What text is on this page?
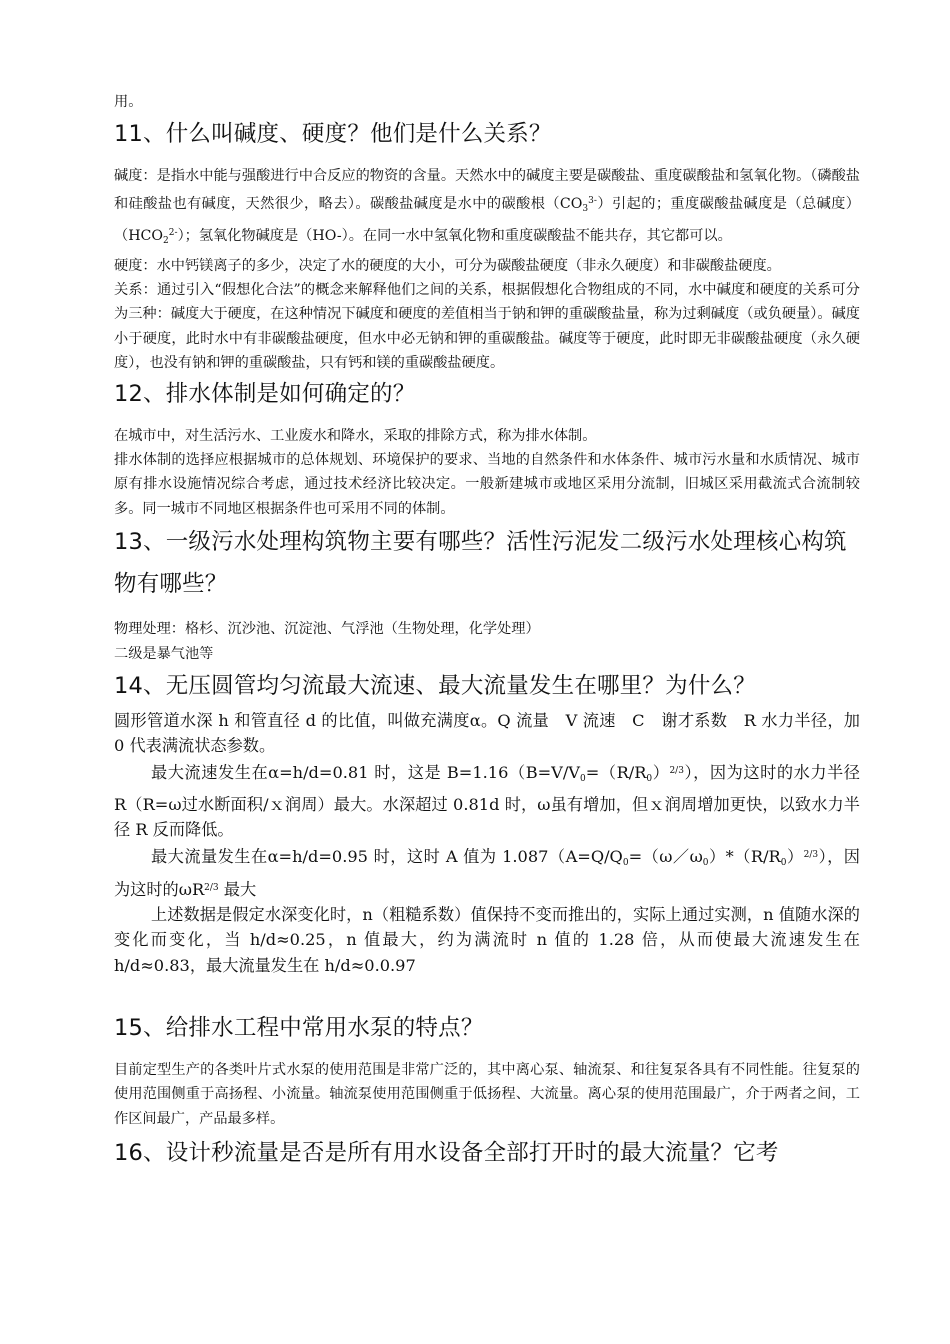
用。

11、什么叫碱度、硬度？他们是什么关系？

碱度：是指水中能与强酸进行中合反应的物资的含量。天然水中的碱度主要是碳酸盐、重度碳酸盐和氢氧化物。（磷酸盐和硅酸盐也有碱度，天然很少，略去）。碳酸盐碱度是水中的碳酸根$(CO_3^{3-})$引起的；重度碳酸盐碱度是（总碱度）$(HCO_2^{2-})$；氢氧化物碱度是（HO-）。在同一水中氢氧化物和重度碳酸盐不能共存，其它都可以。

硬度：水中钙镁离子的多少，决定了水的硬度的大小，可分为碳酸盐硬度（非永久硬度）和非碳酸盐硬度。

关系：通过引入“假想化合法”的概念来解释他们之间的关系，根据假想化合物组成的不同，水中碱度和硬度的关系可分为三种：碱度大于硬度，在这种情况下碱度和硬度的差值相当于钠和钾的重碳酸盐量，称为过剩碱度（或负硬量）。碱度小于硬度，此时水中有非碳酸盐硬度，但水中必无钠和钾的重碳酸盐。碱度等于硬度，此时即无非碳酸盐硬度（永久硬度），也没有钠和钾的重碳酸盐，只有钙和镁的重碳酸盐硬度。

12、排水体制是如何确定的？

在城市中，对生活污水、工业废水和降水，采取的排除方式，称为排水体制。

排水体制的选择应根据城市的总体规划、环境保护的要求、当地的自然条件和水体条件、城市污水量和水质情况、城市原有排水设施情况综合考虑，通过技术经济比较决定。一般新建城市或地区采用分流制，旧城区采用截流式合流制较多。同一城市不同地区根据条件也可采用不同的体制。

13、一级污水处理构筑物主要有哪些？活性污泥发二级污水处理核心构筑物有哪些？

物理处理：格杉、沉沙池、沉淀池、气浮池（生物处理，化学处理）

二级是暴气池等

14、无压圆管均匀流最大流速、最大流量发生在哪里？为什么？

圆形管道水深 h 和管直径 d 的比值，叫做充满度α。Q 流量　V 流速　C　谢才系数　R 水力半径，加 0 代表满流状态参数。

最大流速发生在α=h/d=0.81 时，这是 $B=1.16(B=V/V_0=(R/R_0)^{2/3})$，因为这时的水力半径 R（R=ω过水断面积/ｘ润周）最大。水深超过 0.81d 时，ω虽有增加，但ｘ润周增加更快，以致水力半径 R 反而降低。

最大流量发生在α=h/d=0.95 时，这时 A 值为 $1.087(A=Q/Q_0=(\omega/\omega_0)*(R/R_0)^{2/3})$，因为这时的$\omega R^{2/3}$ 最大

上述数据是假定水深变化时，n（粗糙系数）值保持不变而推出的，实际上通过实测，n 值随水深的变化而变化，当 h/d≈0.25，n 值最大，约为满流时 n 值的 1.28 倍，从而使最大流速发生在 h/d≈0.83，最大流量发生在 h/d≈0.0.97

15、给排水工程中常用水泵的特点？

目前定型生产的各类叶片式水泵的使用范围是非常广泛的，其中离心泵、轴流泵、和往复泵各具有不同性能。往复泵的使用范围侧重于高扬程、小流量。轴流泵使用范围侧重于低扬程、大流量。离心泵的使用范围最广，介于两者之间，工作区间最广，产品最多样。

16、设计秒流量是否是所有用水设备全部打开时的最大流量？它考
